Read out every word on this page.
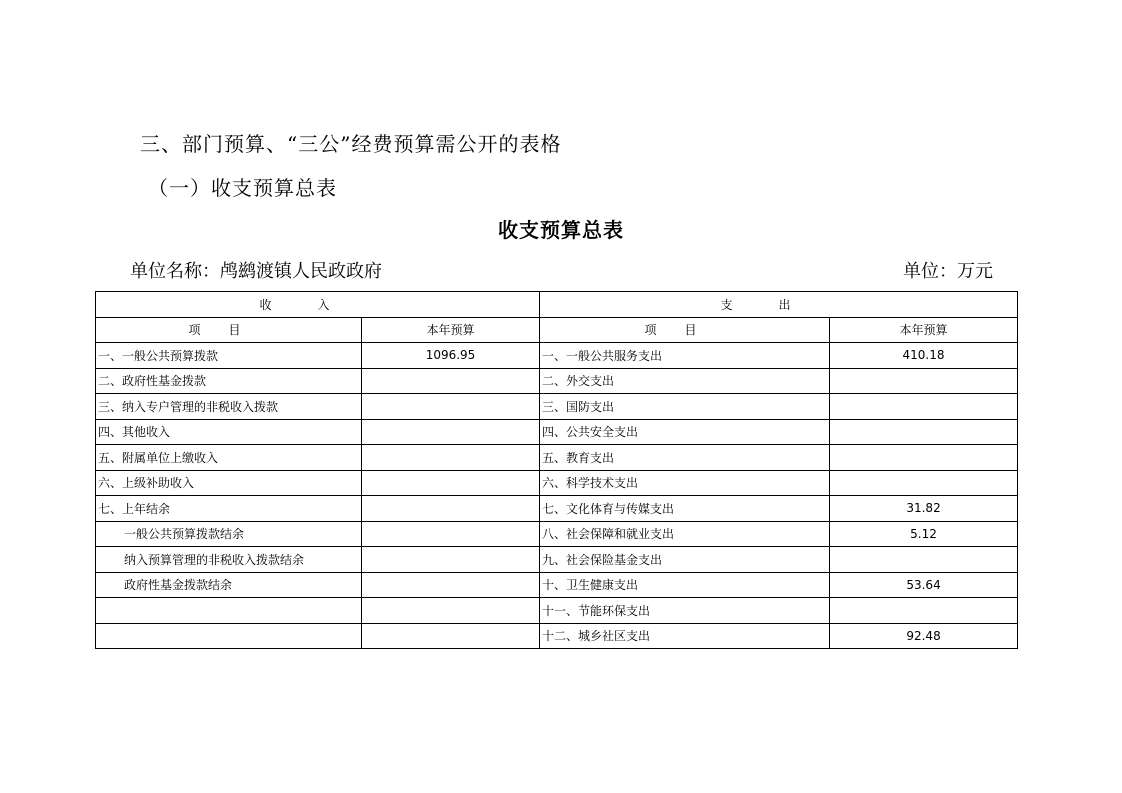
三、部门预算、“三公”经费预算需公开的表格
（一）收支预算总表
收支预算总表
单位名称：鸬鹚渡镇人民政政府	单位：万元
收入		支出	
项目	本年预算	项目	本年预算
一、一般公共预算拨款	1096.95	一、一般公共服务支出	410.18
二、政府性基金拨款		二、外交支出	
三、纳入专户管理的非税收入拨款		三、国防支出	
四、其他收入		四、公共安全支出	
五、附属单位上缴收入		五、教育支出	
六、上级补助收入		六、科学技术支出	
七、上年结余		七、文化体育与传媒支出	31.82
一般公共预算拨款结余		八、社会保障和就业支出	5.12
纳入预算管理的非税收入拨款结余		九、社会保险基金支出	
政府性基金拨款结余		十、卫生健康支出	53.64
		十一、节能环保支出	
		十二、城乡社区支出	92.48
